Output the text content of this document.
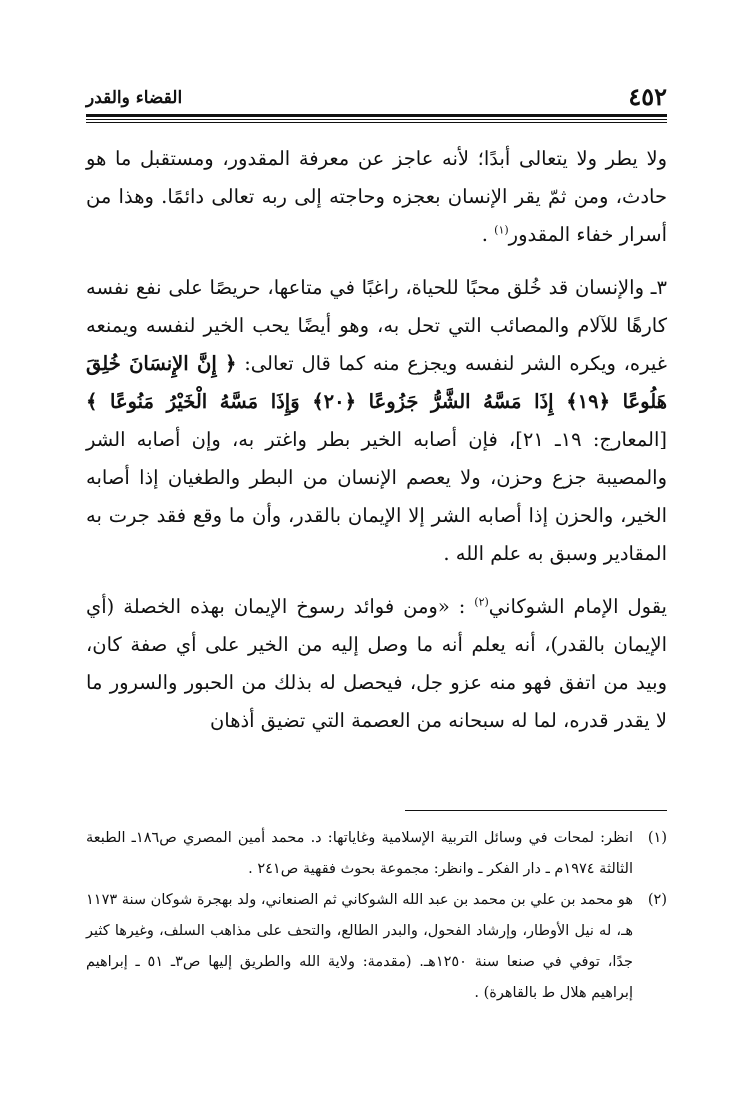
٤٥٢
القضاء والقدر

ولا يطر ولا يتعالى أبدًا؛ لأنه عاجز عن معرفة المقدور، ومستقبل ما هو حادث، ومن ثمّ يقر الإنسان بعجزه وحاجته إلى ربه تعالى دائمًا. وهذا من أسرار خفاء المقدور$^{(١)}$ .

٣ـ والإنسان قد خُلق محبًا للحياة، راغبًا في متاعها، حريصًا على نفع نفسه كارهًا للآلام والمصائب التي تحل به، وهو أيضًا يحب الخير لنفسه ويمنعه غيره، ويكره الشر لنفسه ويجزع منه كما قال تعالى: ﴿ إِنَّ الإِنسَانَ خُلِقَ هَلُوعًا ﴿١٩﴾ إِذَا مَسَّهُ الشَّرُّ جَزُوعًا ﴿٢٠﴾ وَإِذَا مَسَّهُ الْخَيْرُ مَنُوعًا ﴾ [المعارج: ١٩ـ ٢١]، فإن أصابه الخير بطر واغتر به، وإن أصابه الشر والمصيبة جزع وحزن، ولا يعصم الإنسان من البطر والطغيان إذا أصابه الخير، والحزن إذا أصابه الشر إلا الإيمان بالقدر، وأن ما وقع فقد جرت به المقادير وسبق به علم الله .

يقول الإمام الشوكاني$^{(٢)}$ : «ومن فوائد رسوخ الإيمان بهذه الخصلة (أي الإيمان بالقدر)، أنه يعلم أنه ما وصل إليه من الخير على أي صفة كان، وبيد من اتفق فهو منه عزو جل، فيحصل له بذلك من الحبور والسرور ما لا يقدر قدره، لما له سبحانه من العصمة التي تضيق أذهان

(١)
انظر: لمحات في وسائل التربية الإسلامية وغاياتها: د. محمد أمين المصري ص١٨٦ـ الطبعة الثالثة ١٩٧٤م ـ دار الفكر ـ وانظر: مجموعة بحوث فقهية ص٢٤١ .

(٢)
هو محمد بن علي بن محمد بن عبد الله الشوكاني ثم الصنعاني، ولد بهجرة شوكان سنة ١١٧٣ هـ، له نيل الأوطار، وإرشاد الفحول، والبدر الطالع، والتحف على مذاهب السلف، وغيرها كثير جدًا، توفي في صنعا سنة ١٢٥٠هـ. (مقدمة: ولاية الله والطريق إليها ص٣ـ ٥١ ـ إبراهيم إبراهيم هلال ط بالقاهرة) .
